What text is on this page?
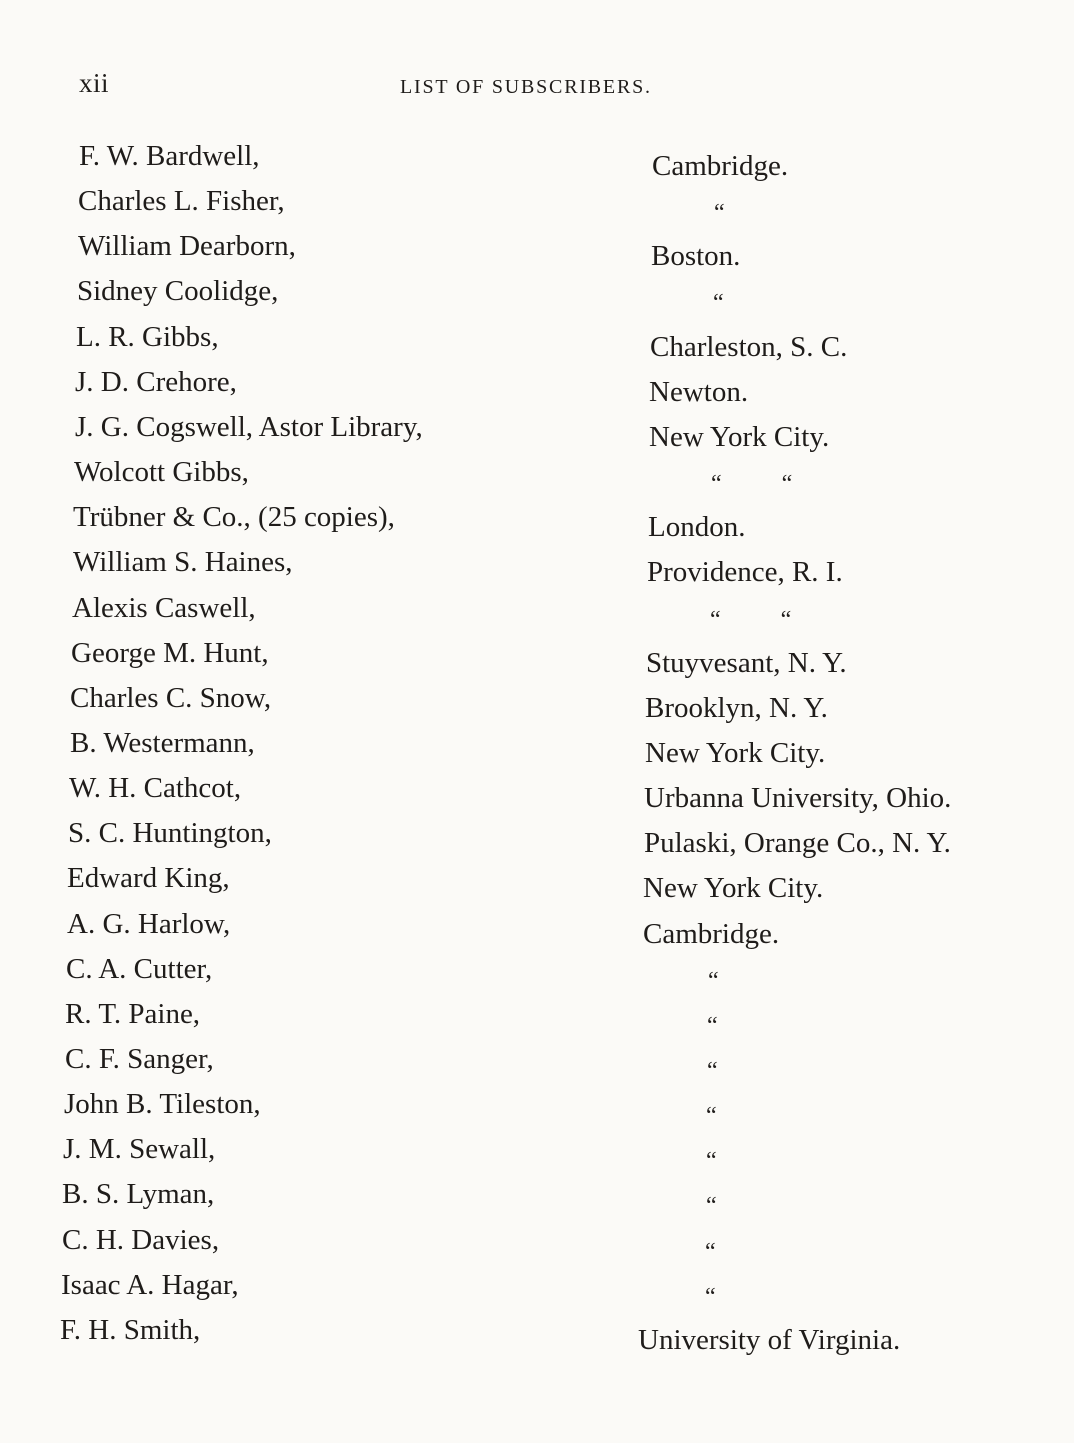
xii	LIST OF SUBSCRIBERS.
F. W. Bardwell,	Cambridge.
Charles L. Fisher,	“
William Dearborn,	Boston.
Sidney Coolidge,	“
L. R. Gibbs,	Charleston, S. C.
J. D. Crehore,	Newton.
J. G. Cogswell, Astor Library,	New York City.
Wolcott Gibbs,	“          “
Trübner & Co., (25 copies),	London.
William S. Haines,	Providence, R. I.
Alexis Caswell,	“          “
George M. Hunt,	Stuyvesant, N. Y.
Charles C. Snow,	Brooklyn, N. Y.
B. Westermann,	New York City.
W. H. Cathcot,	Urbanna University, Ohio.
S. C. Huntington,	Pulaski, Orange Co., N. Y.
Edward King,	New York City.
A. G. Harlow,	Cambridge.
C. A. Cutter,	“
R. T. Paine,	“
C. F. Sanger,	“
John B. Tileston,	“
J. M. Sewall,	“
B. S. Lyman,	“
C. H. Davies,	“
Isaac A. Hagar,	“
F. H. Smith,	University of Virginia.
